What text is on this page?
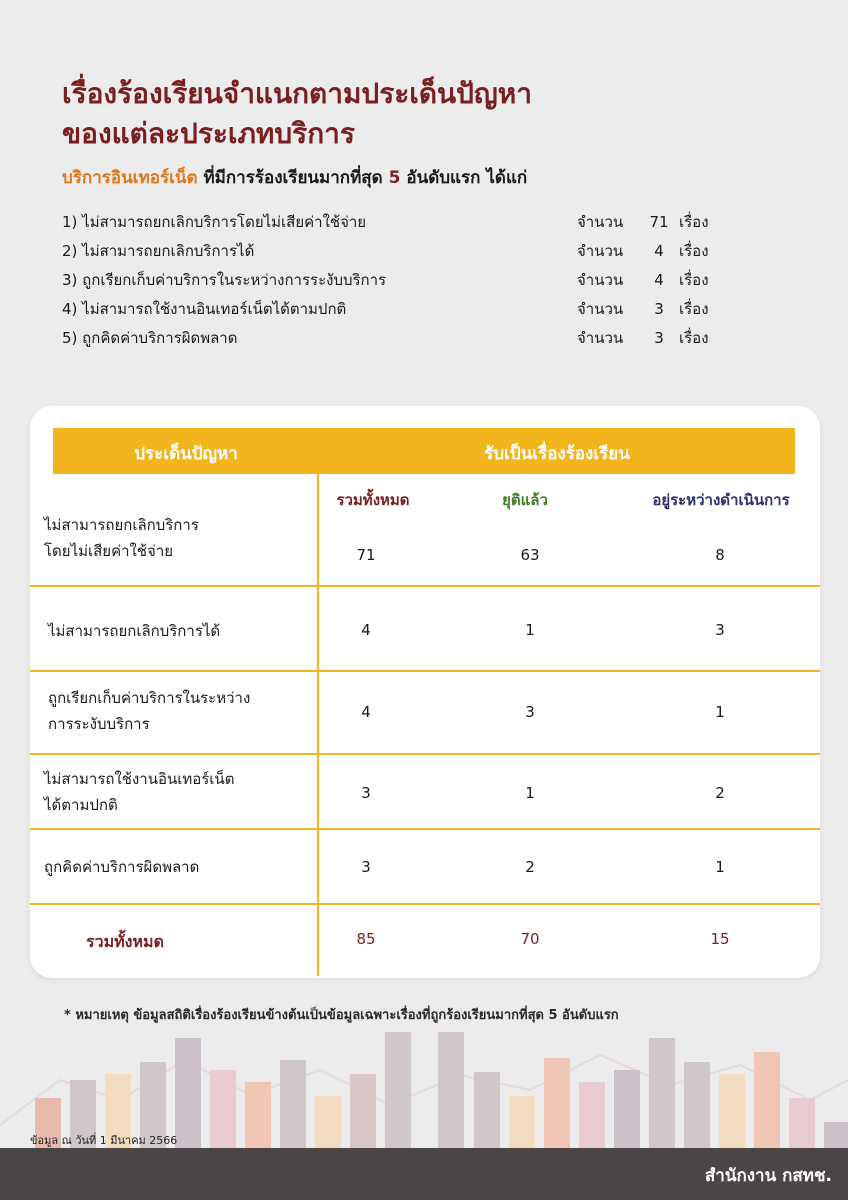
เรื่องร้องเรียนจำแนกตามประเด็นปัญหา
ของแต่ละประเภทบริการ
บริการอินเทอร์เน็ต ที่มีการร้องเรียนมากที่สุด 5 อันดับแรก ได้แก่
1) ไม่สามารถยกเลิกบริการโดยไม่เสียค่าใช้จ่าย	จำนวน 71 เรื่อง
2) ไม่สามารถยกเลิกบริการได้	จำนวน 4 เรื่อง
3) ถูกเรียกเก็บค่าบริการในระหว่างการระงับบริการ	จำนวน 4 เรื่อง
4) ไม่สามารถใช้งานอินเทอร์เน็ตได้ตามปกติ	จำนวน 3 เรื่อง
5) ถูกคิดค่าบริการผิดพลาด	จำนวน 3 เรื่อง
ประเด็นปัญหา	รับเป็นเรื่องร้องเรียน
รวมทั้งหมด	ยุติแล้ว	อยู่ระหว่างดำเนินการ
ไม่สามารถยกเลิกบริการ
โดยไม่เสียค่าใช้จ่าย	71	63	8
ไม่สามารถยกเลิกบริการได้	4	1	3
ถูกเรียกเก็บค่าบริการในระหว่าง
การระงับบริการ
4	3	1
ไม่สามารถใช้งานอินเทอร์เน็ต
ได้ตามปกติ
3	1	2
ถูกคิดค่าบริการผิดพลาด	3	2	1
รวมทั้งหมด	85	70	15
* หมายเหตุ ข้อมูลสถิติเรื่องร้องเรียนข้างต้นเป็นข้อมูลเฉพาะเรื่องที่ถูกร้องเรียนมากที่สุด 5 อันดับแรก
ข้อมูล ณ วันที่ 1 มีนาคม 2566
สำนักงาน กสทช.
